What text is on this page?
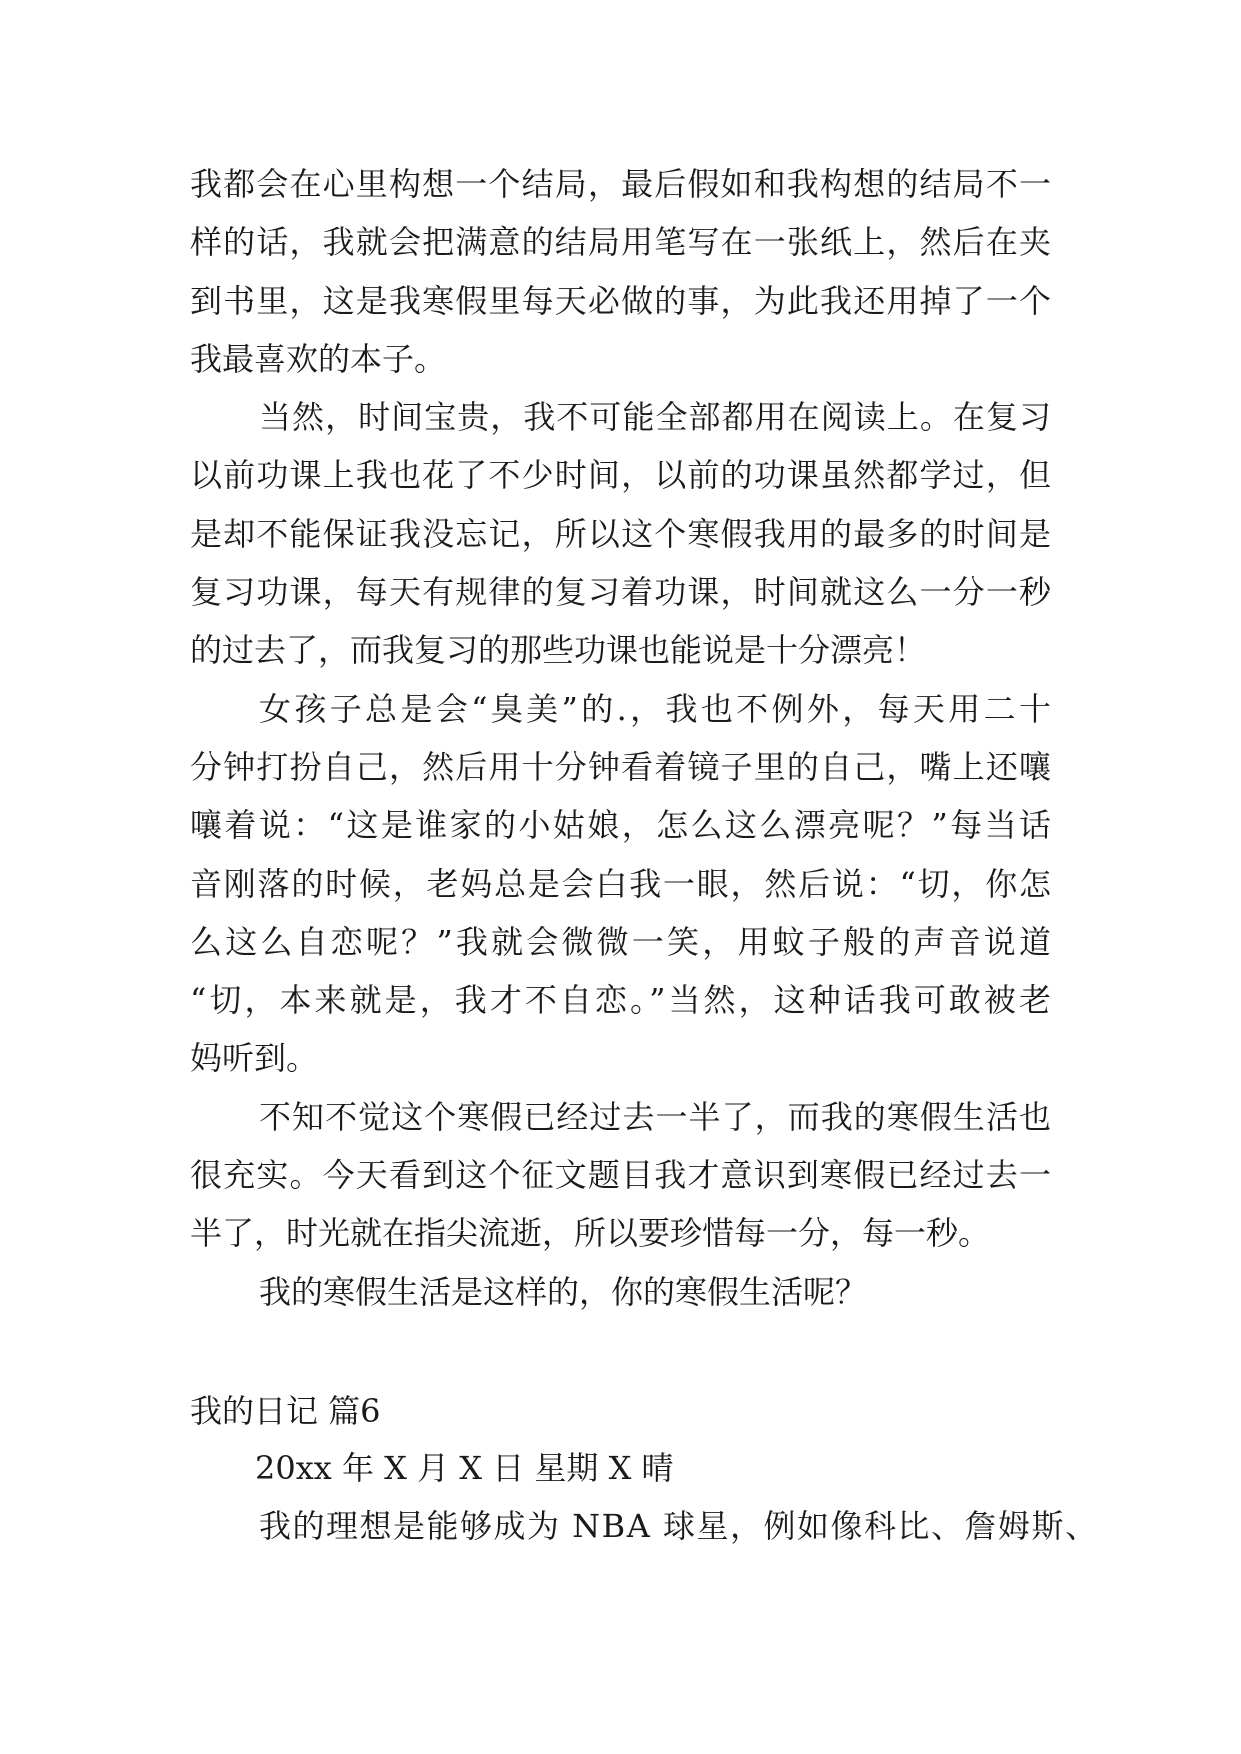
我都会在心里构想一个结局，最后假如和我构想的结局不一
样的话，我就会把满意的结局用笔写在一张纸上，然后在夹
到书里，这是我寒假里每天必做的事，为此我还用掉了一个
我最喜欢的本子。
当然，时间宝贵，我不可能全部都用在阅读上。在复习
以前功课上我也花了不少时间，以前的功课虽然都学过，但
是却不能保证我没忘记，所以这个寒假我用的最多的时间是
复习功课，每天有规律的复习着功课，时间就这么一分一秒
的过去了，而我复习的那些功课也能说是十分漂亮！
女孩子总是会“臭美”的.，我也不例外，每天用二十
分钟打扮自己，然后用十分钟看着镜子里的自己，嘴上还嚷
嚷着说：“这是谁家的小姑娘，怎么这么漂亮呢？”每当话
音刚落的时候，老妈总是会白我一眼，然后说：“切，你怎
么这么自恋呢？”我就会微微一笑，用蚊子般的声音说道
“切，本来就是，我才不自恋。”当然，这种话我可敢被老
妈听到。
不知不觉这个寒假已经过去一半了，而我的寒假生活也
很充实。今天看到这个征文题目我才意识到寒假已经过去一
半了，时光就在指尖流逝，所以要珍惜每一分，每一秒。
我的寒假生活是这样的，你的寒假生活呢？
我的日记 篇6
20xx 年 X 月 X 日 星期 X 晴
我的理想是能够成为 NBA 球星，例如像科比、詹姆斯、
